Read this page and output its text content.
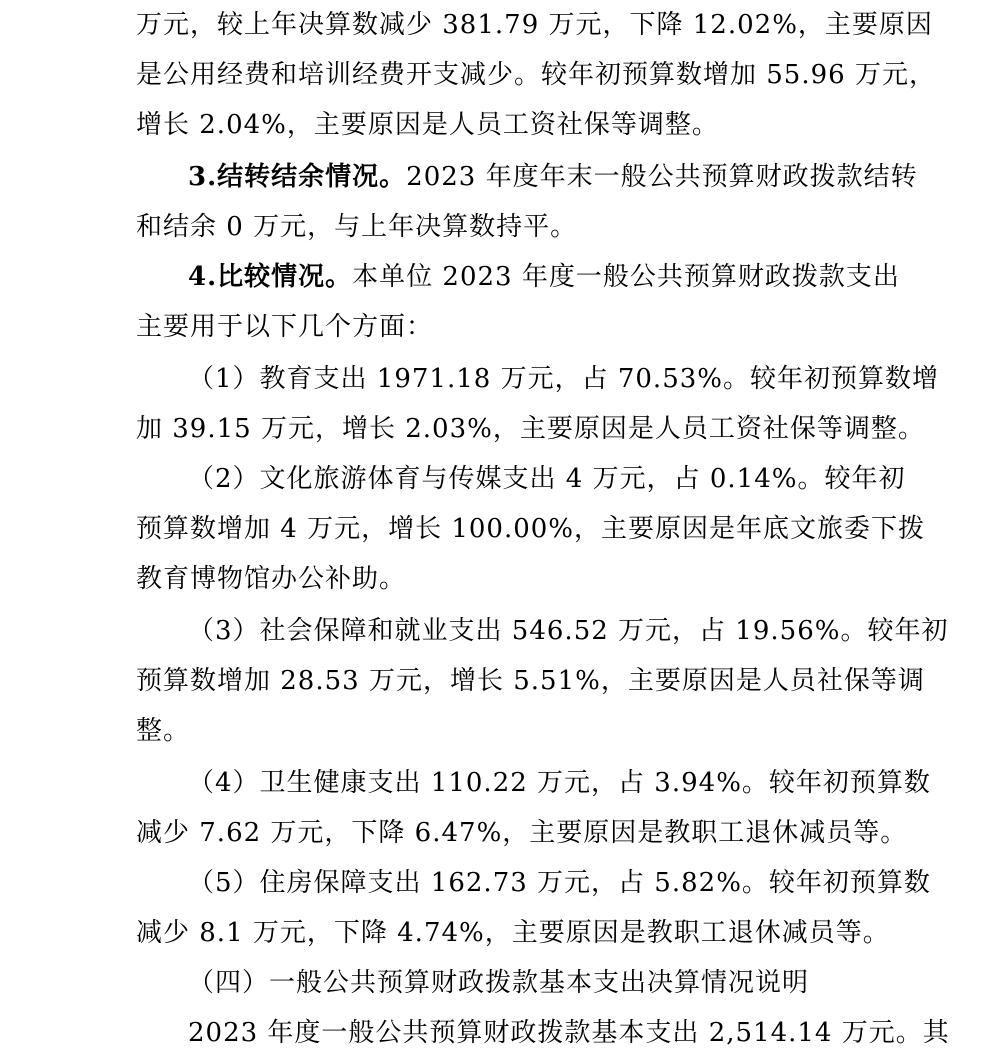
万元，较上年决算数减少 381.79 万元，下降 12.02%，主要原因
是公用经费和培训经费开支减少。较年初预算数增加 55.96 万元，
增长 2.04%，主要原因是人员工资社保等调整。
3.结转结余情况。2023 年度年末一般公共预算财政拨款结转
和结余 0 万元，与上年决算数持平。
4.比较情况。本单位 2023 年度一般公共预算财政拨款支出
主要用于以下几个方面：
（1）教育支出 1971.18 万元，占 70.53%。较年初预算数增
加 39.15 万元，增长 2.03%，主要原因是人员工资社保等调整。
（2）文化旅游体育与传媒支出 4 万元，占 0.14%。较年初
预算数增加 4 万元，增长 100.00%，主要原因是年底文旅委下拨
教育博物馆办公补助。
（3）社会保障和就业支出 546.52 万元，占 19.56%。较年初
预算数增加 28.53 万元，增长 5.51%，主要原因是人员社保等调
整。
（4）卫生健康支出 110.22 万元，占 3.94%。较年初预算数
减少 7.62 万元，下降 6.47%，主要原因是教职工退休减员等。
（5）住房保障支出 162.73 万元，占 5.82%。较年初预算数
减少 8.1 万元，下降 4.74%，主要原因是教职工退休减员等。
（四）一般公共预算财政拨款基本支出决算情况说明
2023 年度一般公共预算财政拨款基本支出 2,514.14 万元。其
